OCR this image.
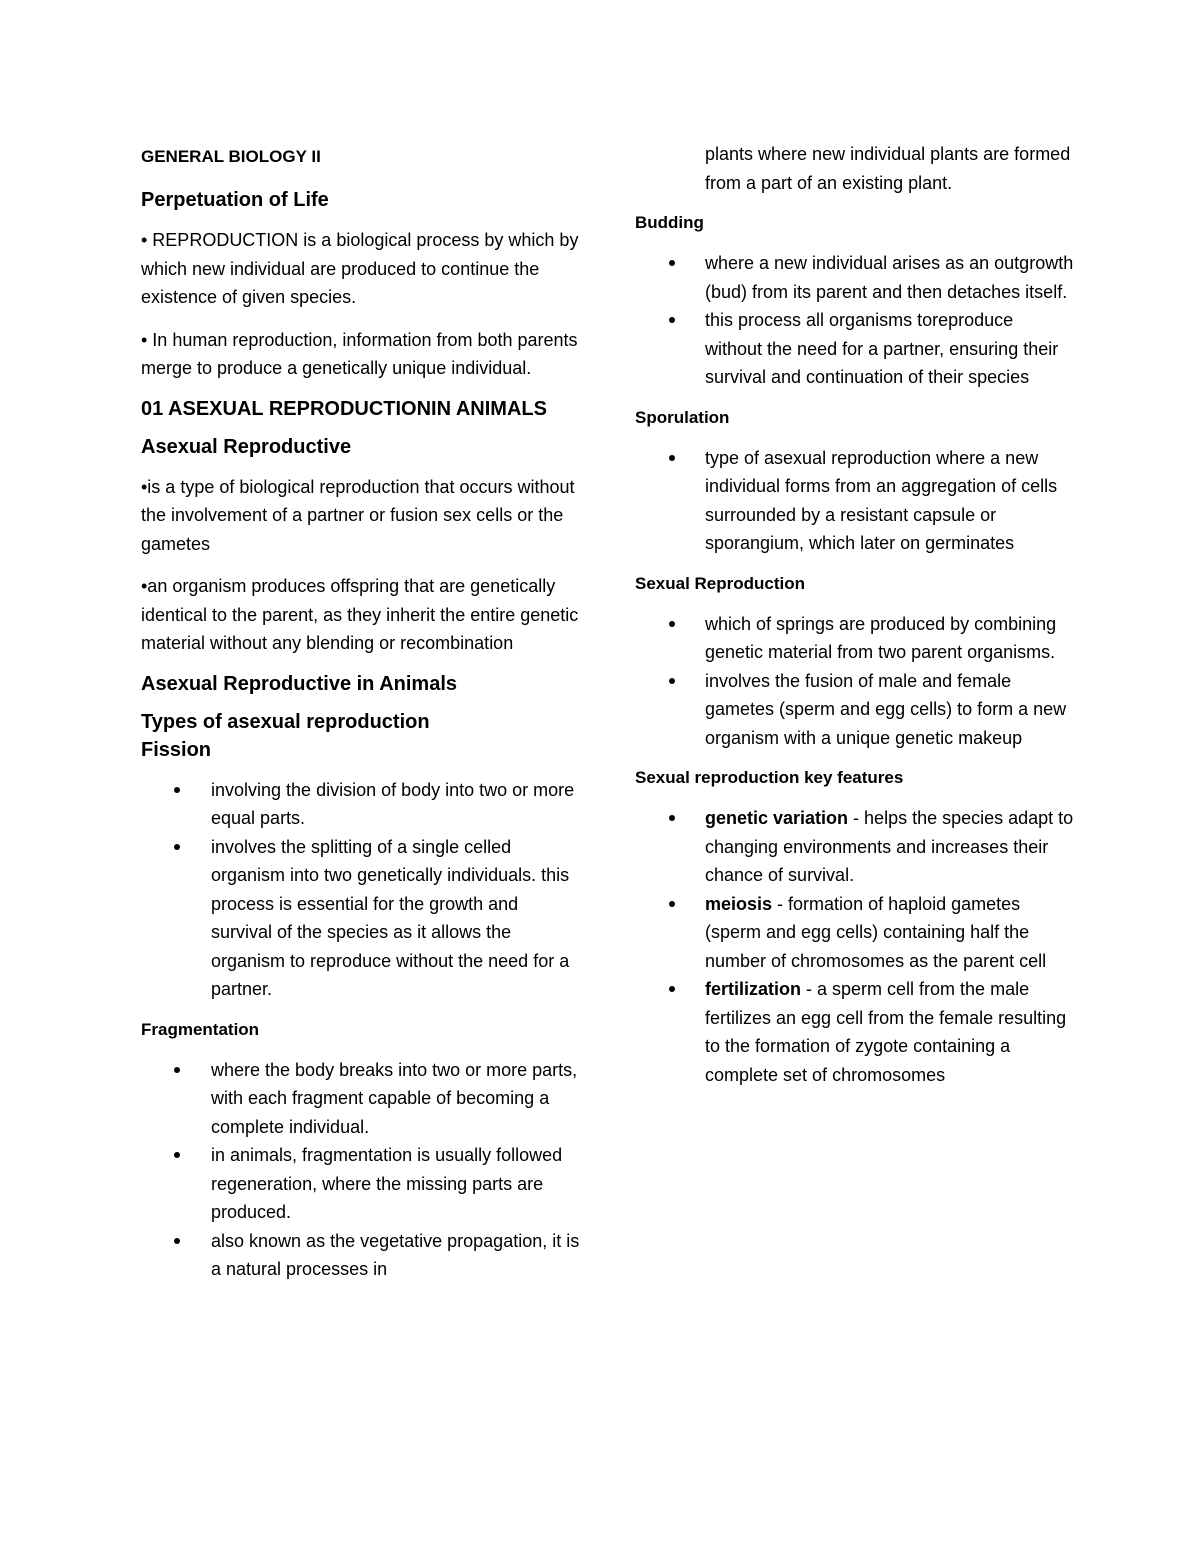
GENERAL BIOLOGY II
Perpetuation of Life

• REPRODUCTION is a biological process by which by which new individual are produced to continue the existence of given species.

• In human reproduction, information from both parents merge to produce a genetically unique individual.

01 ASEXUAL REPRODUCTIONIN ANIMALS
Asexual Reproductive

•is a type of biological reproduction that occurs without the involvement of a partner or fusion sex cells or the gametes

•an organism produces offspring that are genetically identical to the parent, as they inherit the entire genetic material without any blending or recombination

Asexual Reproductive in Animals
Types of asexual reproduction
Fission
involving the division of body into two or more equal parts.
involves the splitting of a single celled organism into two genetically individuals. this process is essential for the growth and survival of the species as it allows the organism to reproduce without the need for a partner.
Fragmentation
where the body breaks into two or more parts, with each fragment capable of becoming a complete individual.
in animals, fragmentation is usually followed regeneration, where the missing parts are produced.
also known as the vegetative propagation, it is a natural processes in

plants where new individual plants are formed from a part of an existing plant.

Budding
where a new individual arises as an outgrowth (bud) from its parent and then detaches itself.
this process all organisms toreproduce without the need for a partner, ensuring their survival and continuation of their species
Sporulation
type of asexual reproduction where a new individual forms from an aggregation of cells surrounded by a resistant capsule or sporangium, which later on germinates
Sexual Reproduction
which of springs are produced by combining genetic material from two parent organisms.
involves the fusion of male and female gametes (sperm and egg cells) to form a new organism with a unique genetic makeup
Sexual reproduction key features
genetic variation - helps the species adapt to changing environments and increases their chance of survival.
meiosis - formation of haploid gametes (sperm and egg cells) containing half the number of chromosomes as the parent cell
fertilization - a sperm cell from the male fertilizes an egg cell from the female resulting to the formation of zygote containing a complete set of chromosomes
